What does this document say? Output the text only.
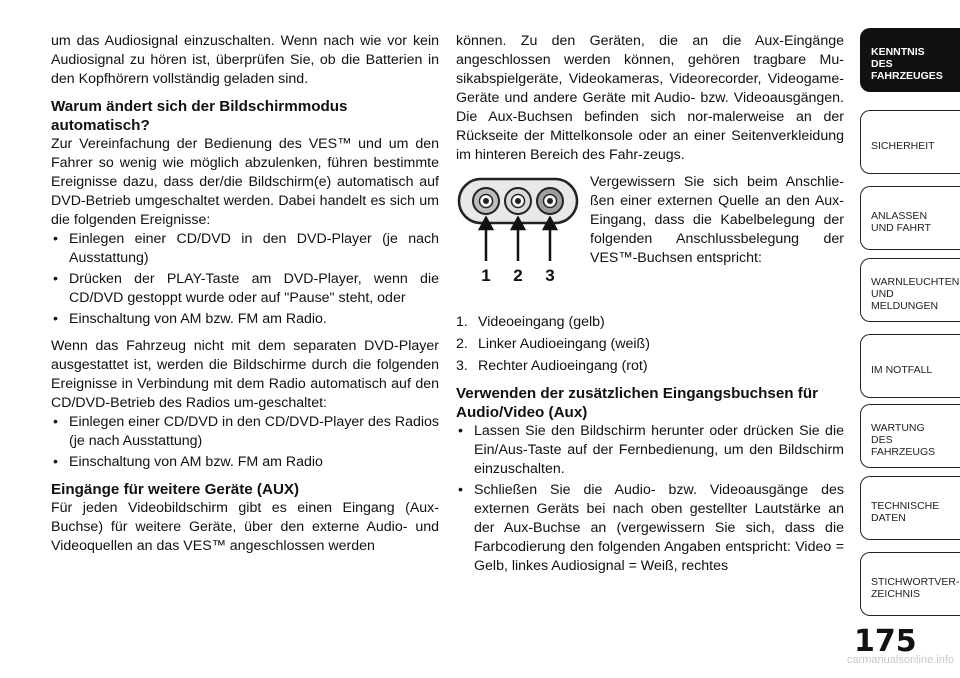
um das Audiosignal einzuschalten. Wenn nach wie vor kein Audiosignal zu hören ist, überprüfen Sie, ob die Batterien in den Kopfhörern vollständig geladen sind.

Warum ändert sich der Bildschirmmodus automatisch?

Zur Vereinfachung der Bedienung des VES™ und um den Fahrer so wenig wie möglich abzulenken, führen bestimmte Ereignisse dazu, dass der/die Bildschirm(e) automatisch auf DVD-Betrieb umgeschaltet werden. Dabei handelt es sich um die folgenden Ereignisse:

• Einlegen einer CD/DVD in den DVD-Player (je nach Ausstattung)
• Drücken der PLAY-Taste am DVD-Player, wenn die CD/DVD gestoppt wurde oder auf "Pause" steht, oder
• Einschaltung von AM bzw. FM am Radio.

Wenn das Fahrzeug nicht mit dem separaten DVD-Player ausgestattet ist, werden die Bildschirme durch die folgenden Ereignisse in Verbindung mit dem Radio automatisch auf den CD/DVD-Betrieb des Radios um-geschaltet:

• Einlegen einer CD/DVD in den CD/DVD-Player des Radios (je nach Ausstattung)
• Einschaltung von AM bzw. FM am Radio
Eingänge für weitere Geräte (AUX)

Für jeden Videobildschirm gibt es einen Eingang (Aux-Buchse) für weitere Geräte, über den externe Audio- und Videoquellen an das VES™ angeschlossen werden

können. Zu den Geräten, die an die Aux-Eingänge angeschlossen werden können, gehören tragbare Mu-sikabspielgeräte, Videokameras, Videorecorder, Videogame-Geräte und andere Geräte mit Audio- bzw. Videoausgängen. Die Aux-Buchsen befinden sich nor-malerweise an der Rückseite der Mittelkonsole oder an einer Seitenverkleidung im hinteren Bereich des Fahr-zeugs.

1 2 3
Vergewissern Sie sich beim Anschlie-ßen einer externen Quelle an den Aux-Eingang, dass die Kabelbelegung der folgenden Anschlussbelegung der VES™-Buchsen entspricht:
1. Videoeingang (gelb)
2. Linker Audioeingang (weiß)
3. Rechter Audioeingang (rot)
Verwenden der zusätzlichen Eingangsbuchsen für Audio/Video (Aux)
• Lassen Sie den Bildschirm herunter oder drücken Sie die Ein/Aus-Taste auf der Fernbedienung, um den Bildschirm einzuschalten.
• Schließen Sie die Audio- bzw. Videoausgänge des externen Geräts bei nach oben gestellter Lautstärke an der Aux-Buchse an (vergewissern Sie sich, dass die Farbcodierung den folgenden Angaben entspricht: Video = Gelb, linkes Audiosignal = Weiß, rechtes
KENNTNIS
DES
FAHRZEUGES
SICHERHEIT
ANLASSEN
UND FAHRT
WARNLEUCHTEN
UND
MELDUNGEN
IM NOTFALL
WARTUNG
DES
FAHRZEUGS
TECHNISCHE
DATEN
STICHWORTVER-
ZEICHNIS
175
carmanualsonline.info
